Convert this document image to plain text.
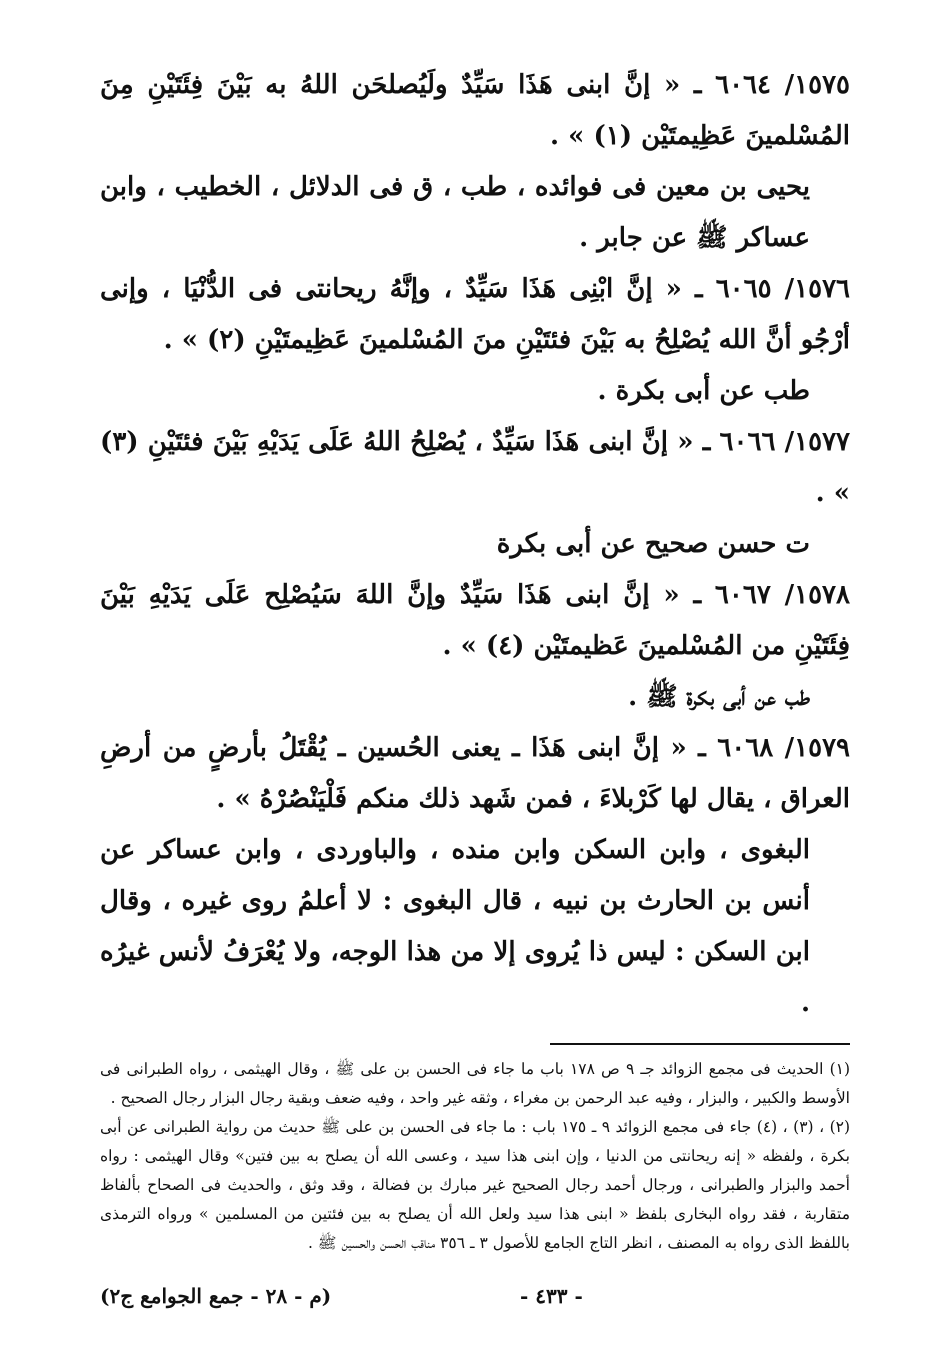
١٥٧٥/ ٦٠٦٤ ـ « إنَّ ابنى هَذَا سَيِّدٌ ولَيُصلحَن اللهُ به بَيْنَ فِئَتَيْنِ مِنَ المُسْلمينَ عَظِيمتَيْن (١) » .

يحيى بن معين فى فوائده ، طب ، ق فى الدلائل ، الخطيب ، وابن عساكر ﷺ عن جابر .

١٥٧٦/ ٦٠٦٥ ـ « إنَّ ابْنِى هَذَا سَيِّدٌ ، وإنَّهُ ريحانتى فى الدُّنْيَا ، وإنى أرْجُو أنَّ الله يُصْلِحُ به بَيْنَ فئتَيْنِ منَ المُسْلمينَ عَظِيمتَيْنِ (٢) » .

طب عن أبى بكرة .

١٥٧٧/ ٦٠٦٦ ـ « إنَّ ابنى هَذَا سَيِّدٌ ، يُصْلِحُ اللهُ عَلَى يَدَيْهِ بَيْنَ فئتَيْنِ (٣) » .

ت حسن صحيح عن أبى بكرة

١٥٧٨/ ٦٠٦٧ ـ « إنَّ ابنى هَذَا سَيِّدٌ وإنَّ اللهَ سَيُصْلِح عَلَى يَدَيْهِ بَيْنَ فِئَتَيْنِ من المُسْلمينَ عَظيمتَيْن (٤) » .

طب عن أبى بكرة ﷺ .

١٥٧٩/ ٦٠٦٨ ـ « إنَّ ابنى هَذَا ـ يعنى الحُسين ـ يُقْتَلُ بأرضٍ من أرضِ العراق ، يقال لها كَرْبلاءَ ، فمن شَهد ذلك منكم فَلْيَنْصُرْهُ » .

البغوى ، وابن السكن وابن منده ، والباوردى ، وابن عساكر عن أنس بن الحارث بن نبيه ، قال البغوى : لا أعلمُ روى غيره ، وقال ابن السكن : ليس ذا يُروى إلا من هذا الوجه، ولا يُعْرَفُ لأنس غيرُه .

(١) الحديث فى مجمع الزوائد جـ ٩ ص ١٧٨ باب ما جاء فى الحسن بن على ﷺ ، وقال الهيثمى ، رواه الطبرانى فى الأوسط والكبير ، والبزار ، وفيه عبد الرحمن بن مغراء ، وثقه غير واحد ، وفيه ضعف وبقية رجال البزار رجال الصحيح .

(٢) ، (٣) ، (٤) جاء فى مجمع الزوائد ٩ ـ ١٧٥ باب : ما جاء فى الحسن بن على ﷺ حديث من رواية الطبرانى عن أبى بكرة ، ولفظه « إنه ريحانتى من الدنيا ، وإن ابنى هذا سيد ، وعسى الله أن يصلح به بين فتين» وقال الهيثمى : رواه أحمد والبزار والطبرانى ، ورجال أحمد رجال الصحيح غير مبارك بن فضالة ، وقد وثق ، والحديث فى الصحاح بألفاظ متقاربة ، فقد رواه البخارى بلفظ « ابنى هذا سيد ولعل الله أن يصلح به بين فئتين من المسلمين » ورواه الترمذى باللفظ الذى رواه به المصنف ، انظر التاج الجامع للأصول ٣ ـ ٣٥٦ مناقب الحسن والحسين ﷺ .

- ٤٣٣ -
(م - ٢٨ - جمع الجوامع ج٢)
